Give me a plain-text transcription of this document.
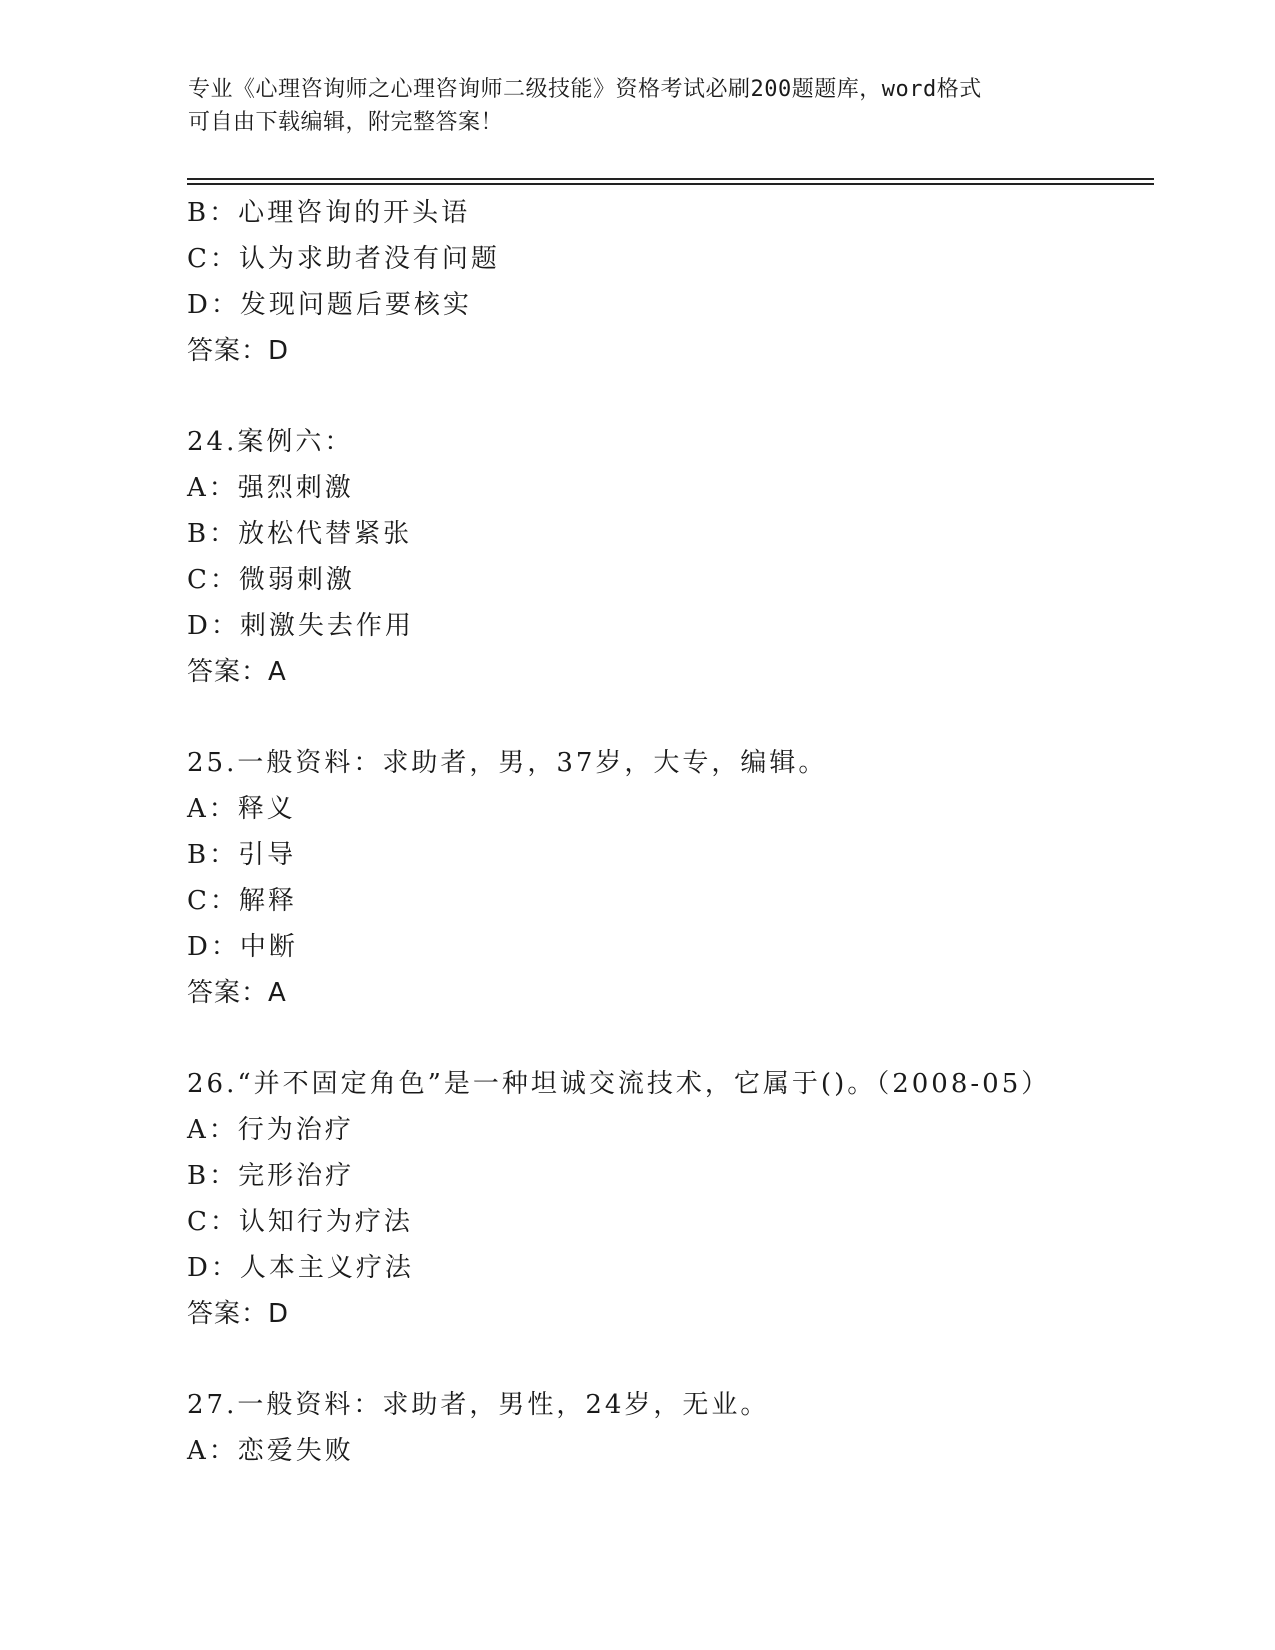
专业《心理咨询师之心理咨询师二级技能》资格考试必刷200题题库，word格式
可自由下载编辑，附完整答案！
B：心理咨询的开头语
C：认为求助者没有问题
D：发现问题后要核实
答案：D
24.案例六：
A：强烈刺激
B：放松代替紧张
C：微弱刺激
D：刺激失去作用
答案：A
25.一般资料：求助者，男，37岁，大专，编辑。
A：释义
B：引导
C：解释
D：中断
答案：A
26.“并不固定角色”是一种坦诚交流技术，它属于()。（2008-05）
A：行为治疗
B：完形治疗
C：认知行为疗法
D：人本主义疗法
答案：D
27.一般资料：求助者，男性，24岁，无业。
A：恋爱失败
